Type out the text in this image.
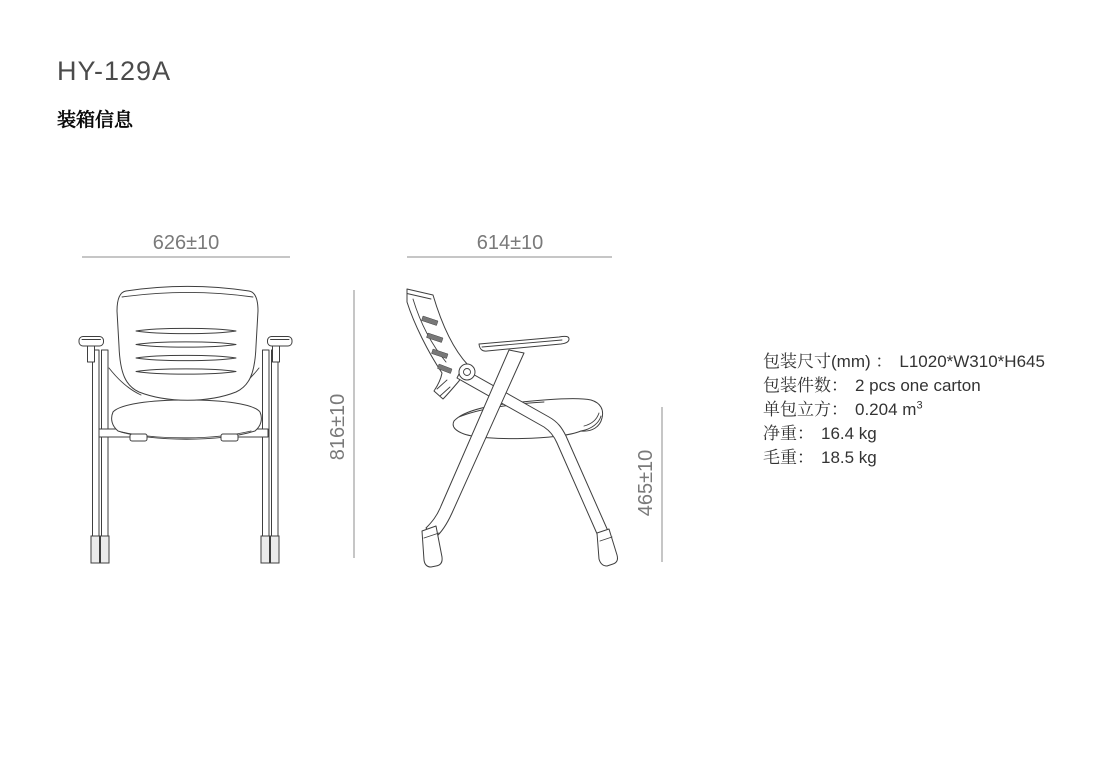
HY-129A
装箱信息
626±10	614±10
816±10
465±10
包装尺寸(mm) ： L1020*W310*H645
包装件数： 2 pcs one carton
单包立方： 0.204 $m^3$
净重： 16.4 kg
毛重： 18.5 kg
